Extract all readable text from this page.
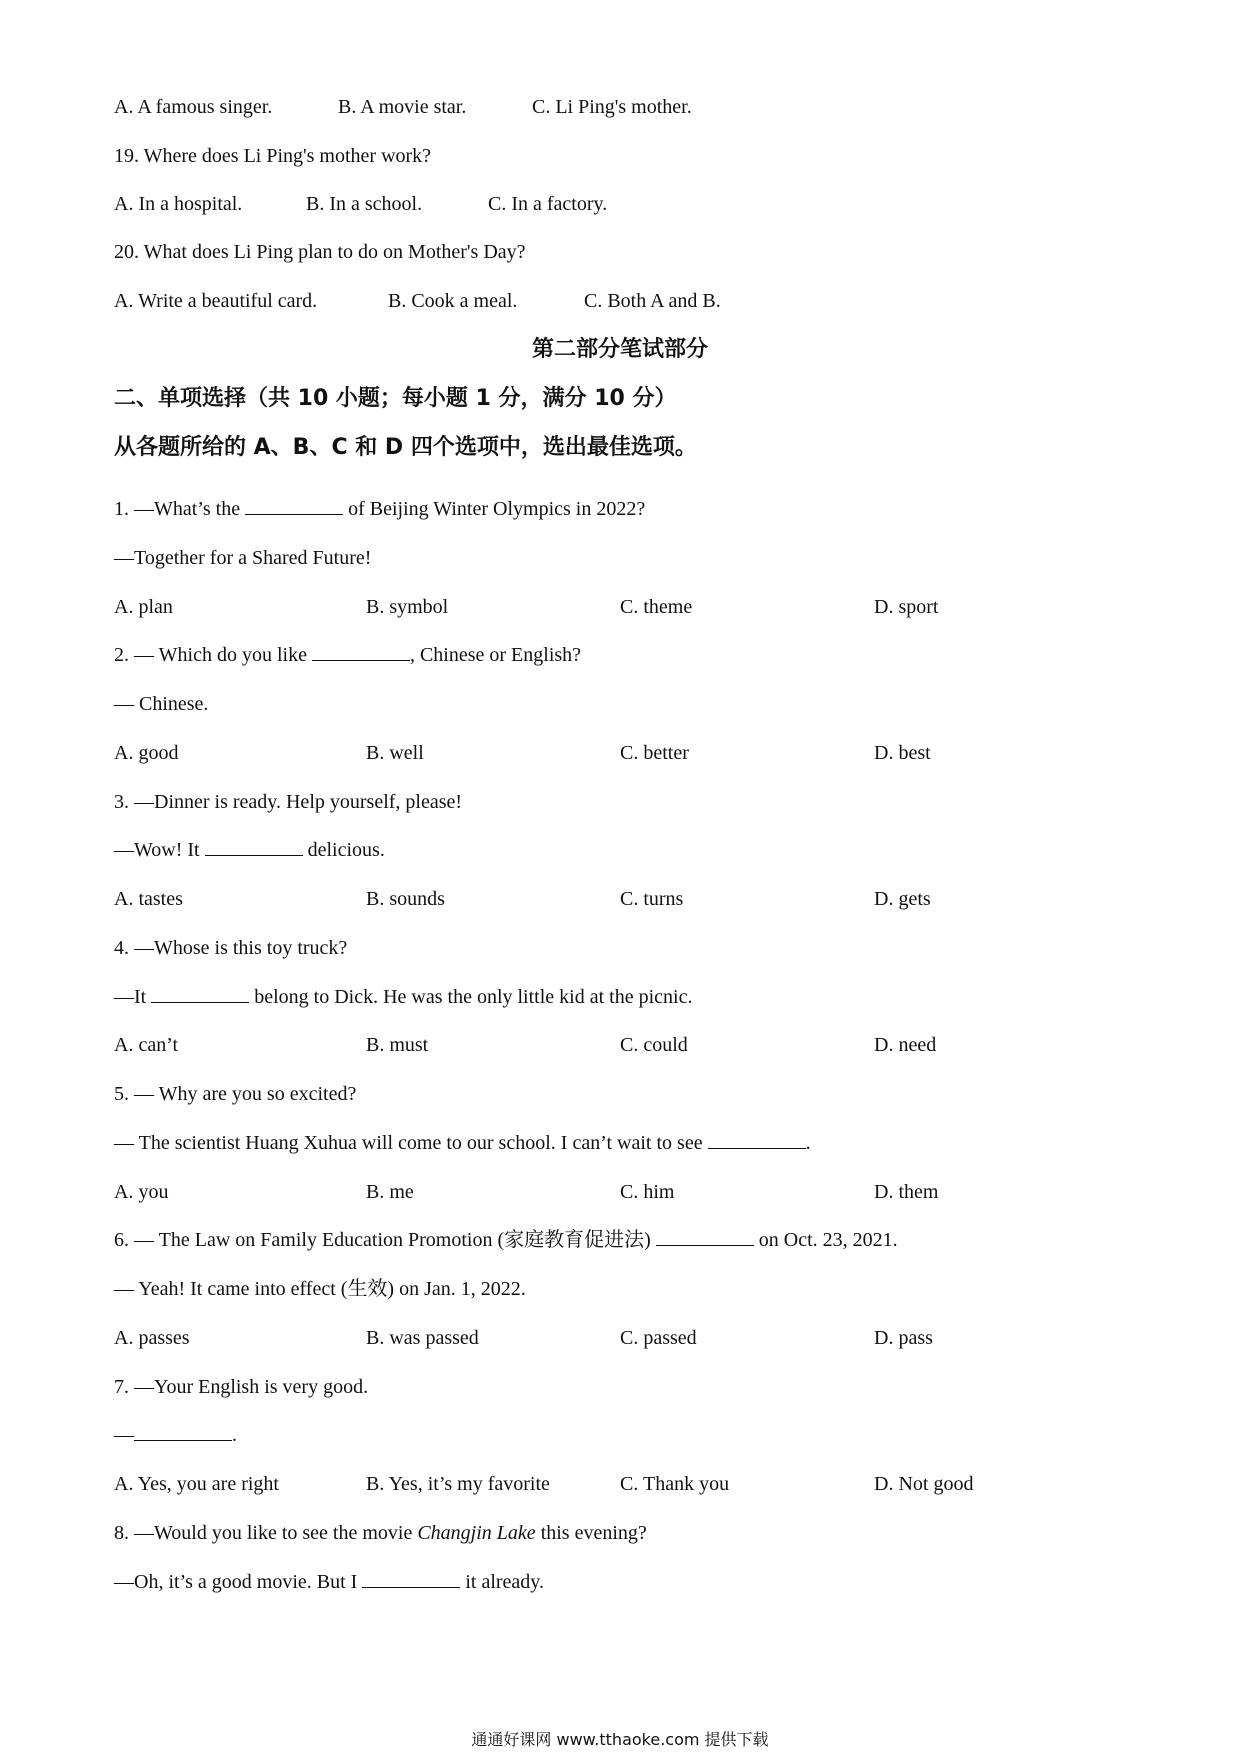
A. A famous singer.	B. A movie star.	C. Li Ping's mother.
19. Where does Li Ping's mother work?
A. In a hospital.	B. In a school.	C. In a factory.
20. What does Li Ping plan to do on Mother's Day?
A. Write a beautiful card.	B. Cook a meal.	C. Both A and B.
第二部分笔试部分
二、单项选择（共 10 小题；每小题 1 分，满分 10 分）
从各题所给的 A、B、C 和 D 四个选项中，选出最佳选项。
1. —What’s the	of Beijing Winter Olympics in 2022?
—Together for a Shared Future!
A. plan	B. symbol	C. theme	D. sport
2. — Which do you like	, Chinese or English?
— Chinese.
A. good	B. well	C. better	D. best
3. —Dinner is ready. Help yourself, please!
—Wow! It	delicious.
A. tastes	B. sounds	C. turns	D. gets
4. —Whose is this toy truck?
—It	belong to Dick. He was the only little kid at the picnic.
A. can’t	B. must	C. could	D. need
5. — Why are you so excited?
— The scientist Huang Xuhua will come to our school. I can’t wait to see	.
A. you	B. me	C. him	D. them
6. — The Law on Family Education Promotion (家庭教育促进法)	on Oct. 23, 2021.
— Yeah! It came into effect (生效) on Jan. 1, 2022.
A. passes	B. was passed	C. passed	D. pass
7. —Your English is very good.
—	.
A. Yes, you are right	B. Yes, it’s my favorite	C. Thank you	D. Not good
8. —Would you like to see the movie Changjin Lake this evening?
—Oh, it’s a good movie. But I	it already.
通通好课网 www.tthaoke.com 提供下载
